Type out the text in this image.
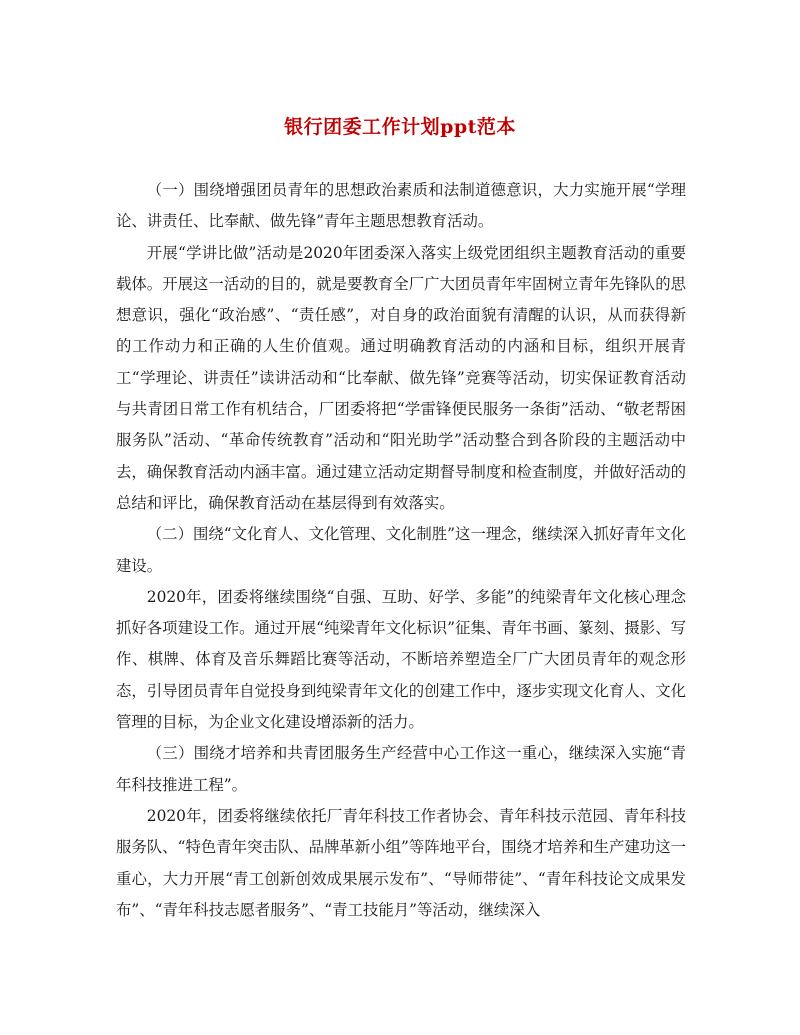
银行团委工作计划ppt范本

（一）围绕增强团员青年的思想政治素质和法制道德意识，大力实施开展“学理论、讲责任、比奉献、做先锋”青年主题思想教育活动。

开展“学讲比做”活动是2020年团委深入落实上级党团组织主题教育活动的重要载体。开展这一活动的目的，就是要教育全厂广大团员青年牢固树立青年先锋队的思想意识，强化“政治感”、“责任感”，对自身的政治面貌有清醒的认识，从而获得新的工作动力和正确的人生价值观。通过明确教育活动的内涵和目标，组织开展青工“学理论、讲责任”读讲活动和“比奉献、做先锋”竞赛等活动，切实保证教育活动与共青团日常工作有机结合，厂团委将把“学雷锋便民服务一条街”活动、“敬老帮困服务队”活动、“革命传统教育”活动和“阳光助学”活动整合到各阶段的主题活动中去，确保教育活动内涵丰富。通过建立活动定期督导制度和检查制度，并做好活动的总结和评比，确保教育活动在基层得到有效落实。

（二）围绕“文化育人、文化管理、文化制胜”这一理念，继续深入抓好青年文化建设。

2020年，团委将继续围绕“自强、互助、好学、多能”的纯梁青年文化核心理念抓好各项建设工作。通过开展“纯梁青年文化标识”征集、青年书画、篆刻、摄影、写作、棋牌、体育及音乐舞蹈比赛等活动，不断培养塑造全厂广大团员青年的观念形态，引导团员青年自觉投身到纯梁青年文化的创建工作中，逐步实现文化育人、文化管理的目标，为企业文化建设增添新的活力。

（三）围绕才培养和共青团服务生产经营中心工作这一重心，继续深入实施“青年科技推进工程”。

2020年，团委将继续依托厂青年科技工作者协会、青年科技示范园、青年科技服务队、“特色青年突击队、品牌革新小组”等阵地平台，围绕才培养和生产建功这一重心，大力开展“青工创新创效成果展示发布”、“导师带徒”、“青年科技论文成果发布”、“青年科技志愿者服务”、“青工技能月”等活动，继续深入
